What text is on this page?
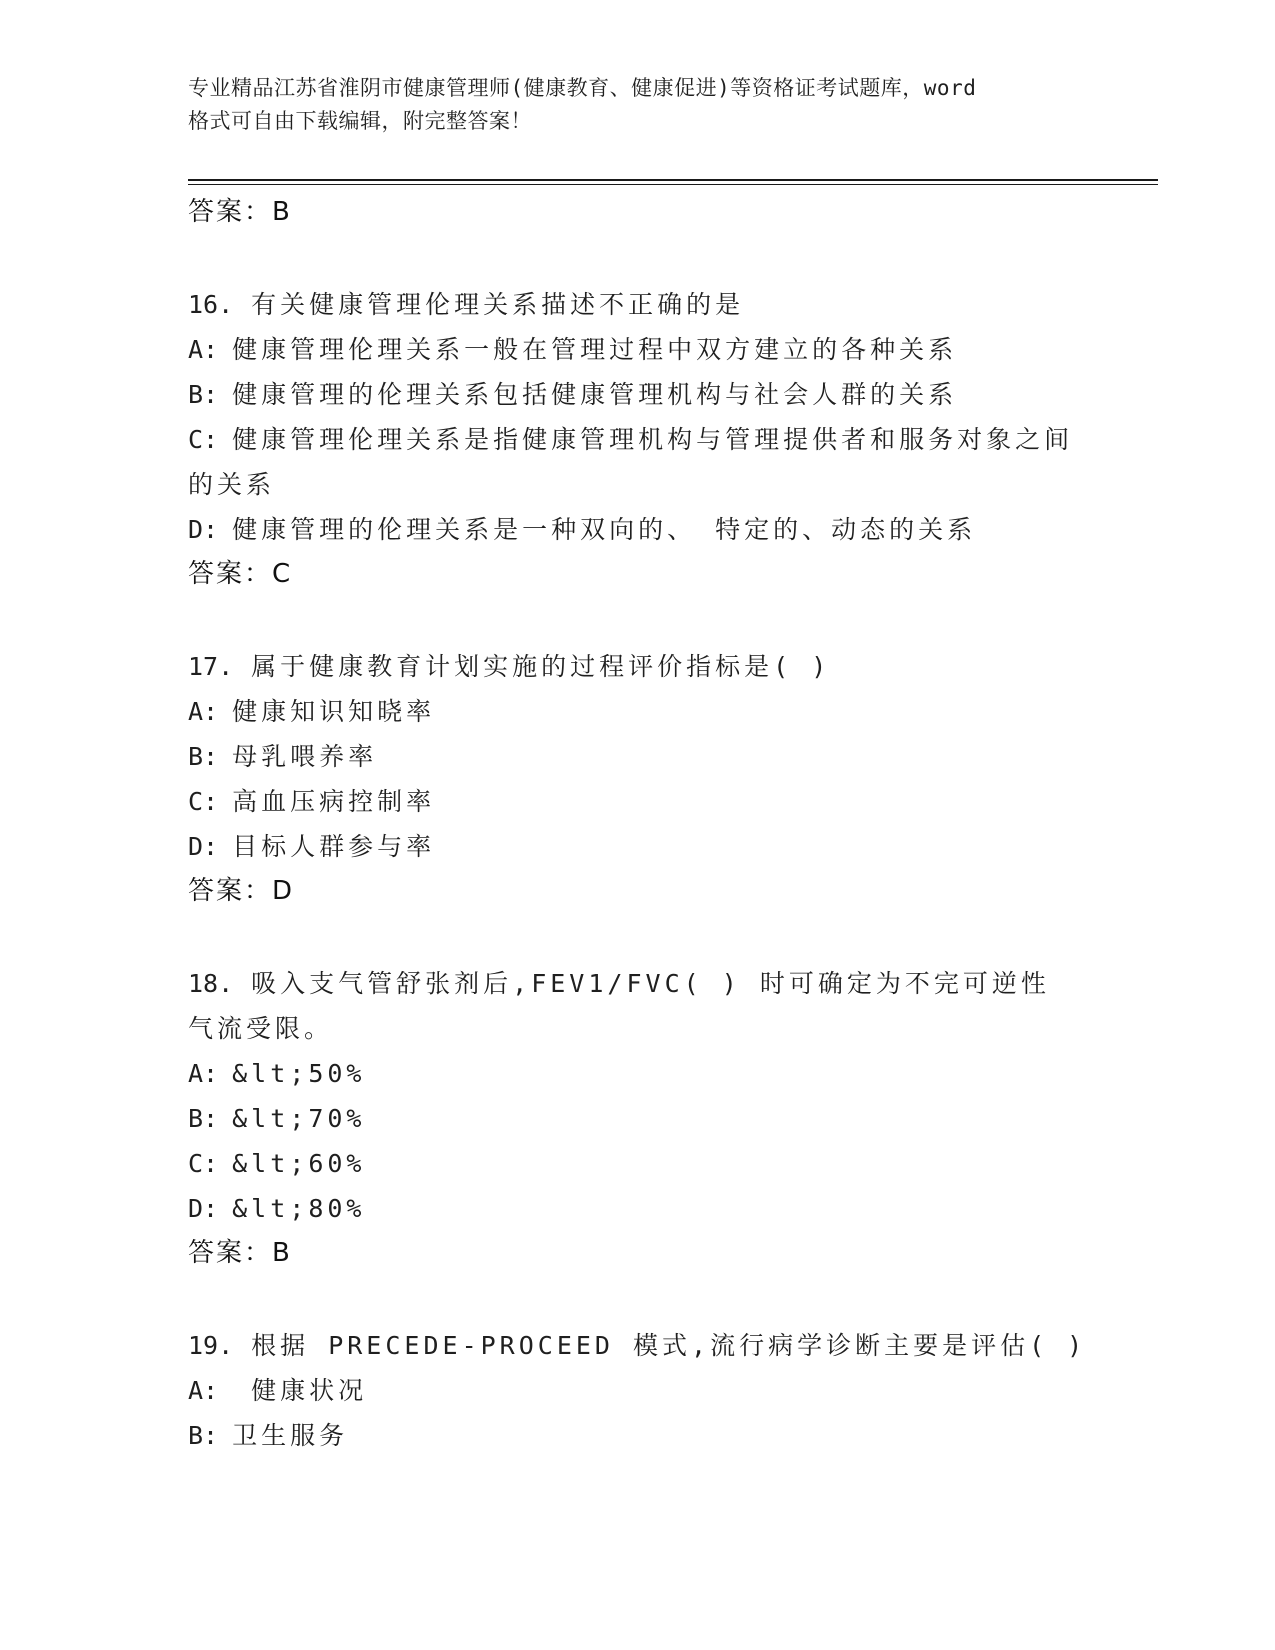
专业精品江苏省淮阴市健康管理师(健康教育、健康促进)等资格证考试题库，word
格式可自由下载编辑，附完整答案！
答案：B
16. 有关健康管理伦理关系描述不正确的是
A: 健康管理伦理关系一般在管理过程中双方建立的各种关系
B: 健康管理的伦理关系包括健康管理机构与社会人群的关系
C: 健康管理伦理关系是指健康管理机构与管理提供者和服务对象之间
的关系
D: 健康管理的伦理关系是一种双向的、 特定的、动态的关系
答案：C
17. 属于健康教育计划实施的过程评价指标是( )
A: 健康知识知晓率
B: 母乳喂养率
C: 高血压病控制率
D: 目标人群参与率
答案：D
18. 吸入支气管舒张剂后,FEV1/FVC( ) 时可确定为不完可逆性
气流受限。
A: &lt;50%
B: &lt;70%
C: &lt;60%
D: &lt;80%
答案：B
19. 根据 PRECEDE-PROCEED 模式,流行病学诊断主要是评估( )
A: 健康状况
B: 卫生服务
